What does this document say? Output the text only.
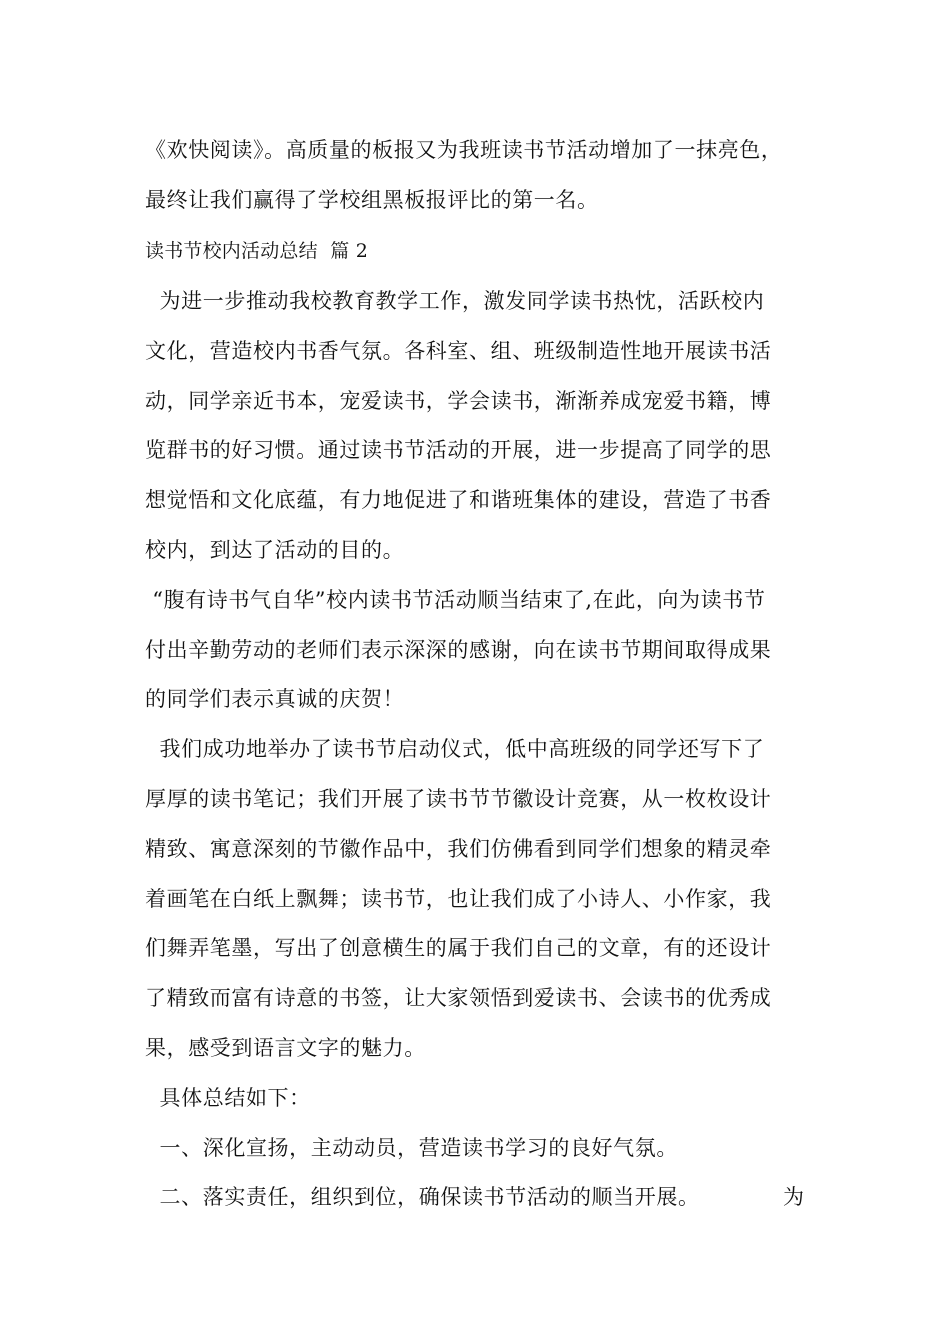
《欢快阅读》。高质量的板报又为我班读书节活动增加了一抹亮色，
最终让我们赢得了学校组黑板报评比的第一名。
读书节校内活动总结  篇 2
为进一步推动我校教育教学工作，激发同学读书热忱，活跃校内
文化，营造校内书香气氛。各科室、组、班级制造性地开展读书活
动，同学亲近书本，宠爱读书，学会读书，渐渐养成宠爱书籍，博
览群书的好习惯。通过读书节活动的开展，进一步提高了同学的思
想觉悟和文化底蕴，有力地促进了和谐班集体的建设，营造了书香
校内，到达了活动的目的。
“腹有诗书气自华”校内读书节活动顺当结束了,在此，向为读书节
付出辛勤劳动的老师们表示深深的感谢，向在读书节期间取得成果
的同学们表示真诚的庆贺！
我们成功地举办了读书节启动仪式，低中高班级的同学还写下了
厚厚的读书笔记；我们开展了读书节节徽设计竞赛，从一枚枚设计
精致、寓意深刻的节徽作品中，我们仿佛看到同学们想象的精灵牵
着画笔在白纸上飘舞；读书节，也让我们成了小诗人、小作家，我
们舞弄笔墨，写出了创意横生的属于我们自己的文章，有的还设计
了精致而富有诗意的书签，让大家领悟到爱读书、会读书的优秀成
果，感受到语言文字的魅力。
具体总结如下：
一、深化宣扬，主动动员，营造读书学习的良好气氛。
二、落实责任，组织到位，确保读书节活动的顺当开展。	为
